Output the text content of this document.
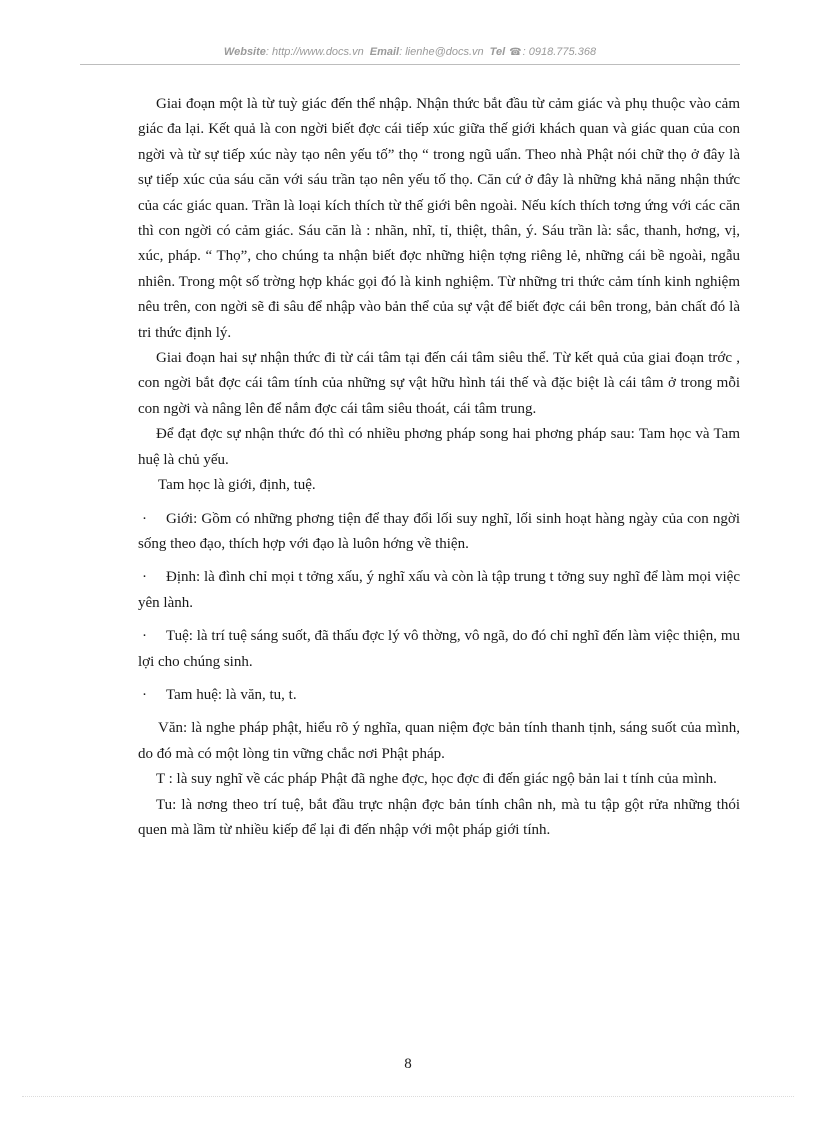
Website: http://www.docs.vn Email: lienhe@docs.vn Tel ☎: 0918.775.368

Giai đoạn một là từ tuỳ giác đến thể nhập. Nhận thức bắt đầu từ cảm giác và phụ thuộc vào cảm giác đa lại. Kết quả là con ngời biết đợc cái tiếp xúc giữa thế giới khách quan và giác quan của con ngời và từ sự tiếp xúc này tạo nên yếu tố” thọ “ trong ngũ uẩn. Theo nhà Phật nói chữ thọ ở đây là sự tiếp xúc của sáu căn với sáu trần tạo nên yếu tố thọ. Căn cứ ở đây là những khả năng nhận thức của các giác quan. Trần là loại kích thích từ thế giới bên ngoài. Nếu kích thích tơng ứng với các căn thì con ngời có cảm giác. Sáu căn là : nhãn, nhĩ, tỉ, thiệt, thân, ý. Sáu trần là: sắc, thanh, hơng, vị, xúc, pháp. “ Thọ”, cho chúng ta nhận biết đợc những hiện tợng riêng lẻ, những cái bề ngoài, ngẫu nhiên. Trong một số trờng hợp khác gọi đó là kinh nghiệm. Từ những tri thức cảm tính kinh nghiệm nêu trên, con ngời sẽ đi sâu để nhập vào bản thể của sự vật để biết đợc cái bên trong, bản chất đó là tri thức định lý.

Giai đoạn hai sự nhận thức đi từ cái tâm tại đến cái tâm siêu thể. Từ kết quả của giai đoạn trớc , con ngời bắt đợc cái tâm tính của những sự vật hữu hình tái thế và đặc biệt là cái tâm ở trong mỗi con ngời và nâng lên để nắm đợc cái tâm siêu thoát, cái tâm trung.

Để đạt đợc sự nhận thức đó thì có nhiều phơng pháp song hai phơng pháp sau: Tam học và Tam huệ là chủ yếu.

Tam học là giới, định, tuệ.

· Giới: Gồm có những phơng tiện để thay đổi lối suy nghĩ, lối sinh hoạt hàng ngày của con ngời sống theo đạo, thích hợp với đạo là luôn hớng về thiện.

· Định: là đình chỉ mọi t tởng xấu, ý nghĩ xấu và còn là tập trung t tởng suy nghĩ để làm mọi việc yên lành.

· Tuệ: là trí tuệ sáng suốt, đã thấu đợc lý vô thờng, vô ngã, do đó chỉ nghĩ đến làm việc thiện, mu lợi cho chúng sinh.

· Tam huệ: là văn, tu, t.

Văn: là nghe pháp phật, hiểu rõ ý nghĩa, quan niệm đợc bản tính thanh tịnh, sáng suốt của mình, do đó mà có một lòng tin vững chắc nơi Phật pháp.

T : là suy nghĩ về các pháp Phật đã nghe đợc, học đợc đi đến giác ngộ bản lai t tính của mình.

Tu: là nơng theo trí tuệ, bắt đầu trực nhận đợc bản tính chân nh, mà tu tập gột rửa những thói quen mà lầm từ nhiều kiếp để lại đi đến nhập với một pháp giới tính.

8
